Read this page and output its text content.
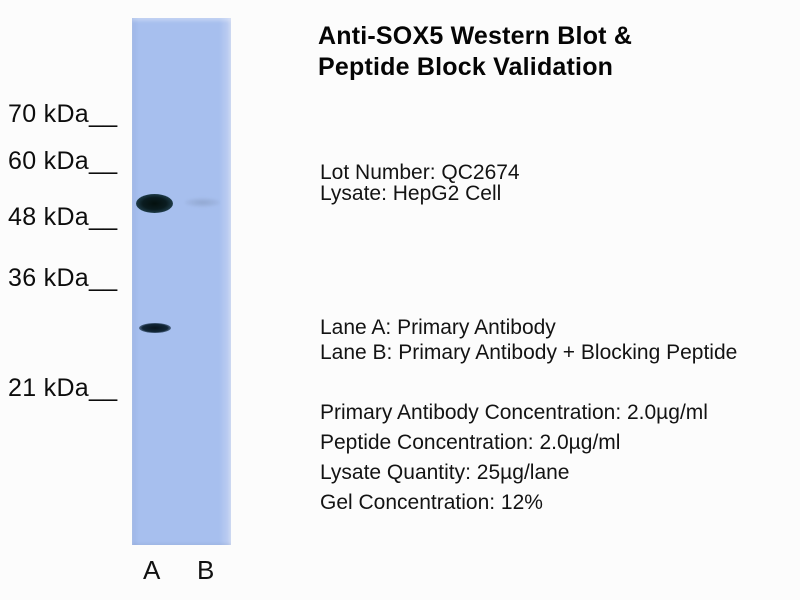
70 kDa__
60 kDa__
48 kDa__
36 kDa__
21 kDa__
A B
Anti-SOX5 Western Blot &
Peptide Block Validation
Lot Number: QC2674
Lysate: HepG2 Cell
Lane A: Primary Antibody
Lane B: Primary Antibody + Blocking Peptide
Primary Antibody Concentration: 2.0µg/ml
Peptide Concentration: 2.0µg/ml
Lysate Quantity: 25µg/lane
Gel Concentration: 12%
